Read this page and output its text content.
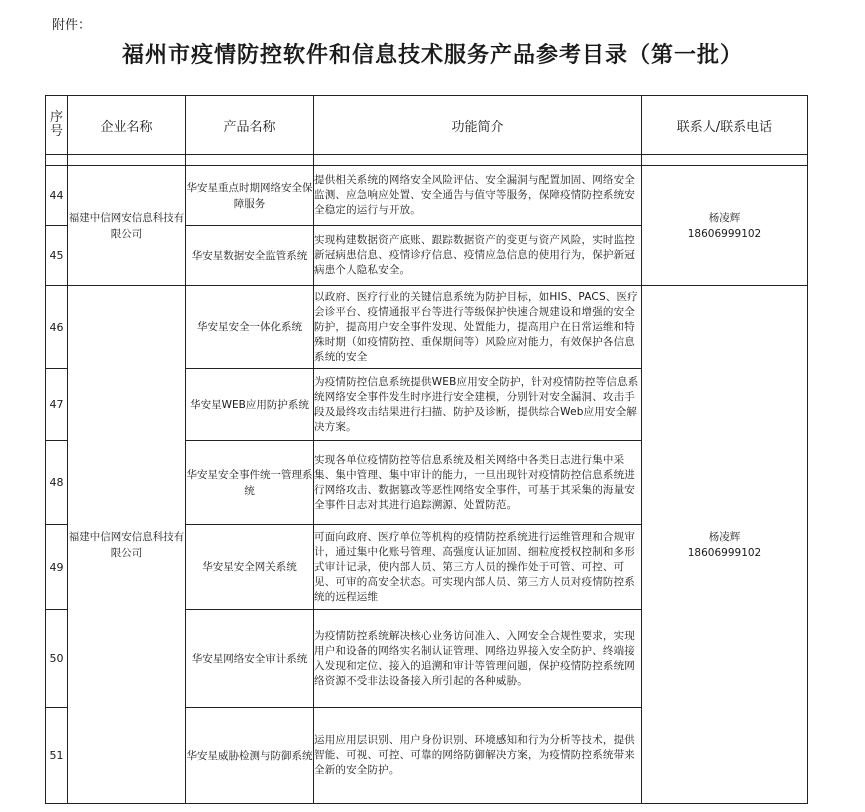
附件：
福州市疫情防控软件和信息技术服务产品参考目录（第一批）
序号	企业名称	产品名称	功能简介	联系人/联系电话

44	福建中信网安信息科技有限公司	华安星重点时期网络安全保障服务	提供相关系统的网络安全风险评估、安全漏洞与配置加固、网络安全监测、应急响应处置、安全通告与值守等服务，保障疫情防控系统安全稳定的运行与开放。	杨凌辉
18606999102

45		华安星数据安全监管系统	实现构建数据资产底账、跟踪数据资产的变更与资产风险，实时监控新冠病患信息、疫情诊疗信息、疫情应急信息的使用行为，保护新冠病患个人隐私安全。	
46	福建中信网安信息科技有限公司	华安星安全一体化系统	以政府、医疗行业的关键信息系统为防护目标，如HIS、PACS、医疗会诊平台、疫情通报平台等进行等级保护快速合规建设和增强的安全防护，提高用户安全事件发现、处置能力，提高用户在日常运维和特殊时期（如疫情防控、重保期间等）风险应对能力，有效保护各信息系统的安全	杨凌辉
18606999102

47		华安星WEB应用防护系统	为疫情防控信息系统提供WEB应用安全防护，针对疫情防控等信息系统网络安全事件发生时序进行安全建模，分别针对安全漏洞、攻击手段及最终攻击结果进行扫描、防护及诊断，提供综合Web应用安全解决方案。	
48		华安星安全事件统一管理系统	实现各单位疫情防控等信息系统及相关网络中各类日志进行集中采集、集中管理、集中审计的能力，一旦出现针对疫情防控信息系统进行网络攻击、数据篡改等恶性网络安全事件，可基于其采集的海量安全事件日志对其进行追踪溯源、处置防范。	
49		华安星安全网关系统	可面向政府、医疗单位等机构的疫情防控系统进行运维管理和合规审计，通过集中化账号管理、高强度认证加固、细粒度授权控制和多形式审计记录，使内部人员、第三方人员的操作处于可管、可控、可见、可审的高安全状态。可实现内部人员、第三方人员对疫情防控系统的远程运维	
50		华安星网络安全审计系统	为疫情防控系统解决核心业务访问准入、入网安全合规性要求，实现用户和设备的网络实名制认证管理、网络边界接入安全防护、终端接入发现和定位、接入的追溯和审计等管理问题，保护疫情防控系统网络资源不受非法设备接入所引起的各种威胁。	
51		华安星威胁检测与防御系统	运用应用层识别、用户身份识别、环境感知和行为分析等技术，提供智能、可视、可控、可靠的网络防御解决方案，为疫情防控系统带来全新的安全防护。	
